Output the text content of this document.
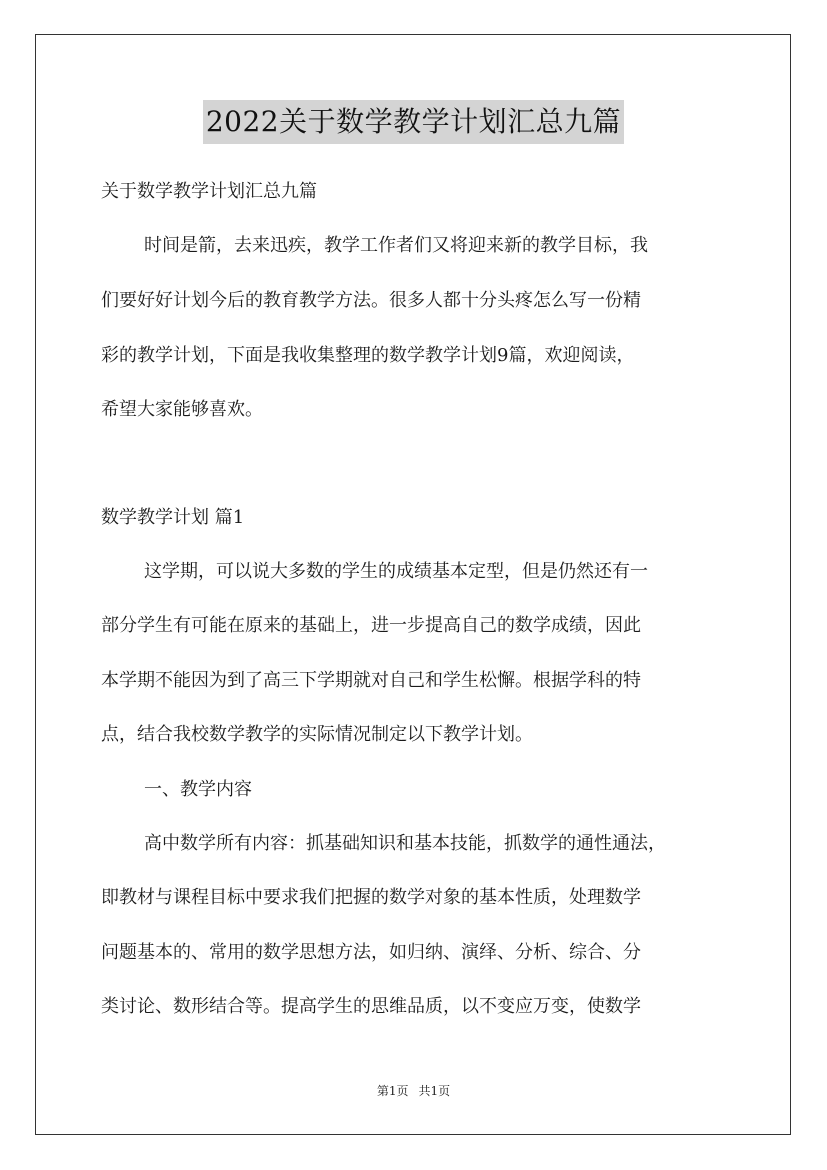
2022关于数学教学计划汇总九篇
关于数学教学计划汇总九篇
时间是箭，去来迅疾，教学工作者们又将迎来新的教学目标，我
们要好好计划今后的教育教学方法。很多人都十分头疼怎么写一份精
彩的教学计划，下面是我收集整理的数学教学计划9篇，欢迎阅读，
希望大家能够喜欢。
数学教学计划 篇1
这学期，可以说大多数的学生的成绩基本定型，但是仍然还有一
部分学生有可能在原来的基础上，进一步提高自己的数学成绩，因此
本学期不能因为到了高三下学期就对自己和学生松懈。根据学科的特
点，结合我校数学教学的实际情况制定以下教学计划。
一、教学内容
高中数学所有内容：抓基础知识和基本技能，抓数学的通性通法，
即教材与课程目标中要求我们把握的数学对象的基本性质，处理数学
问题基本的、常用的数学思想方法，如归纳、演绎、分析、综合、分
类讨论、数形结合等。提高学生的思维品质，以不变应万变，使数学
第1页 共1页
